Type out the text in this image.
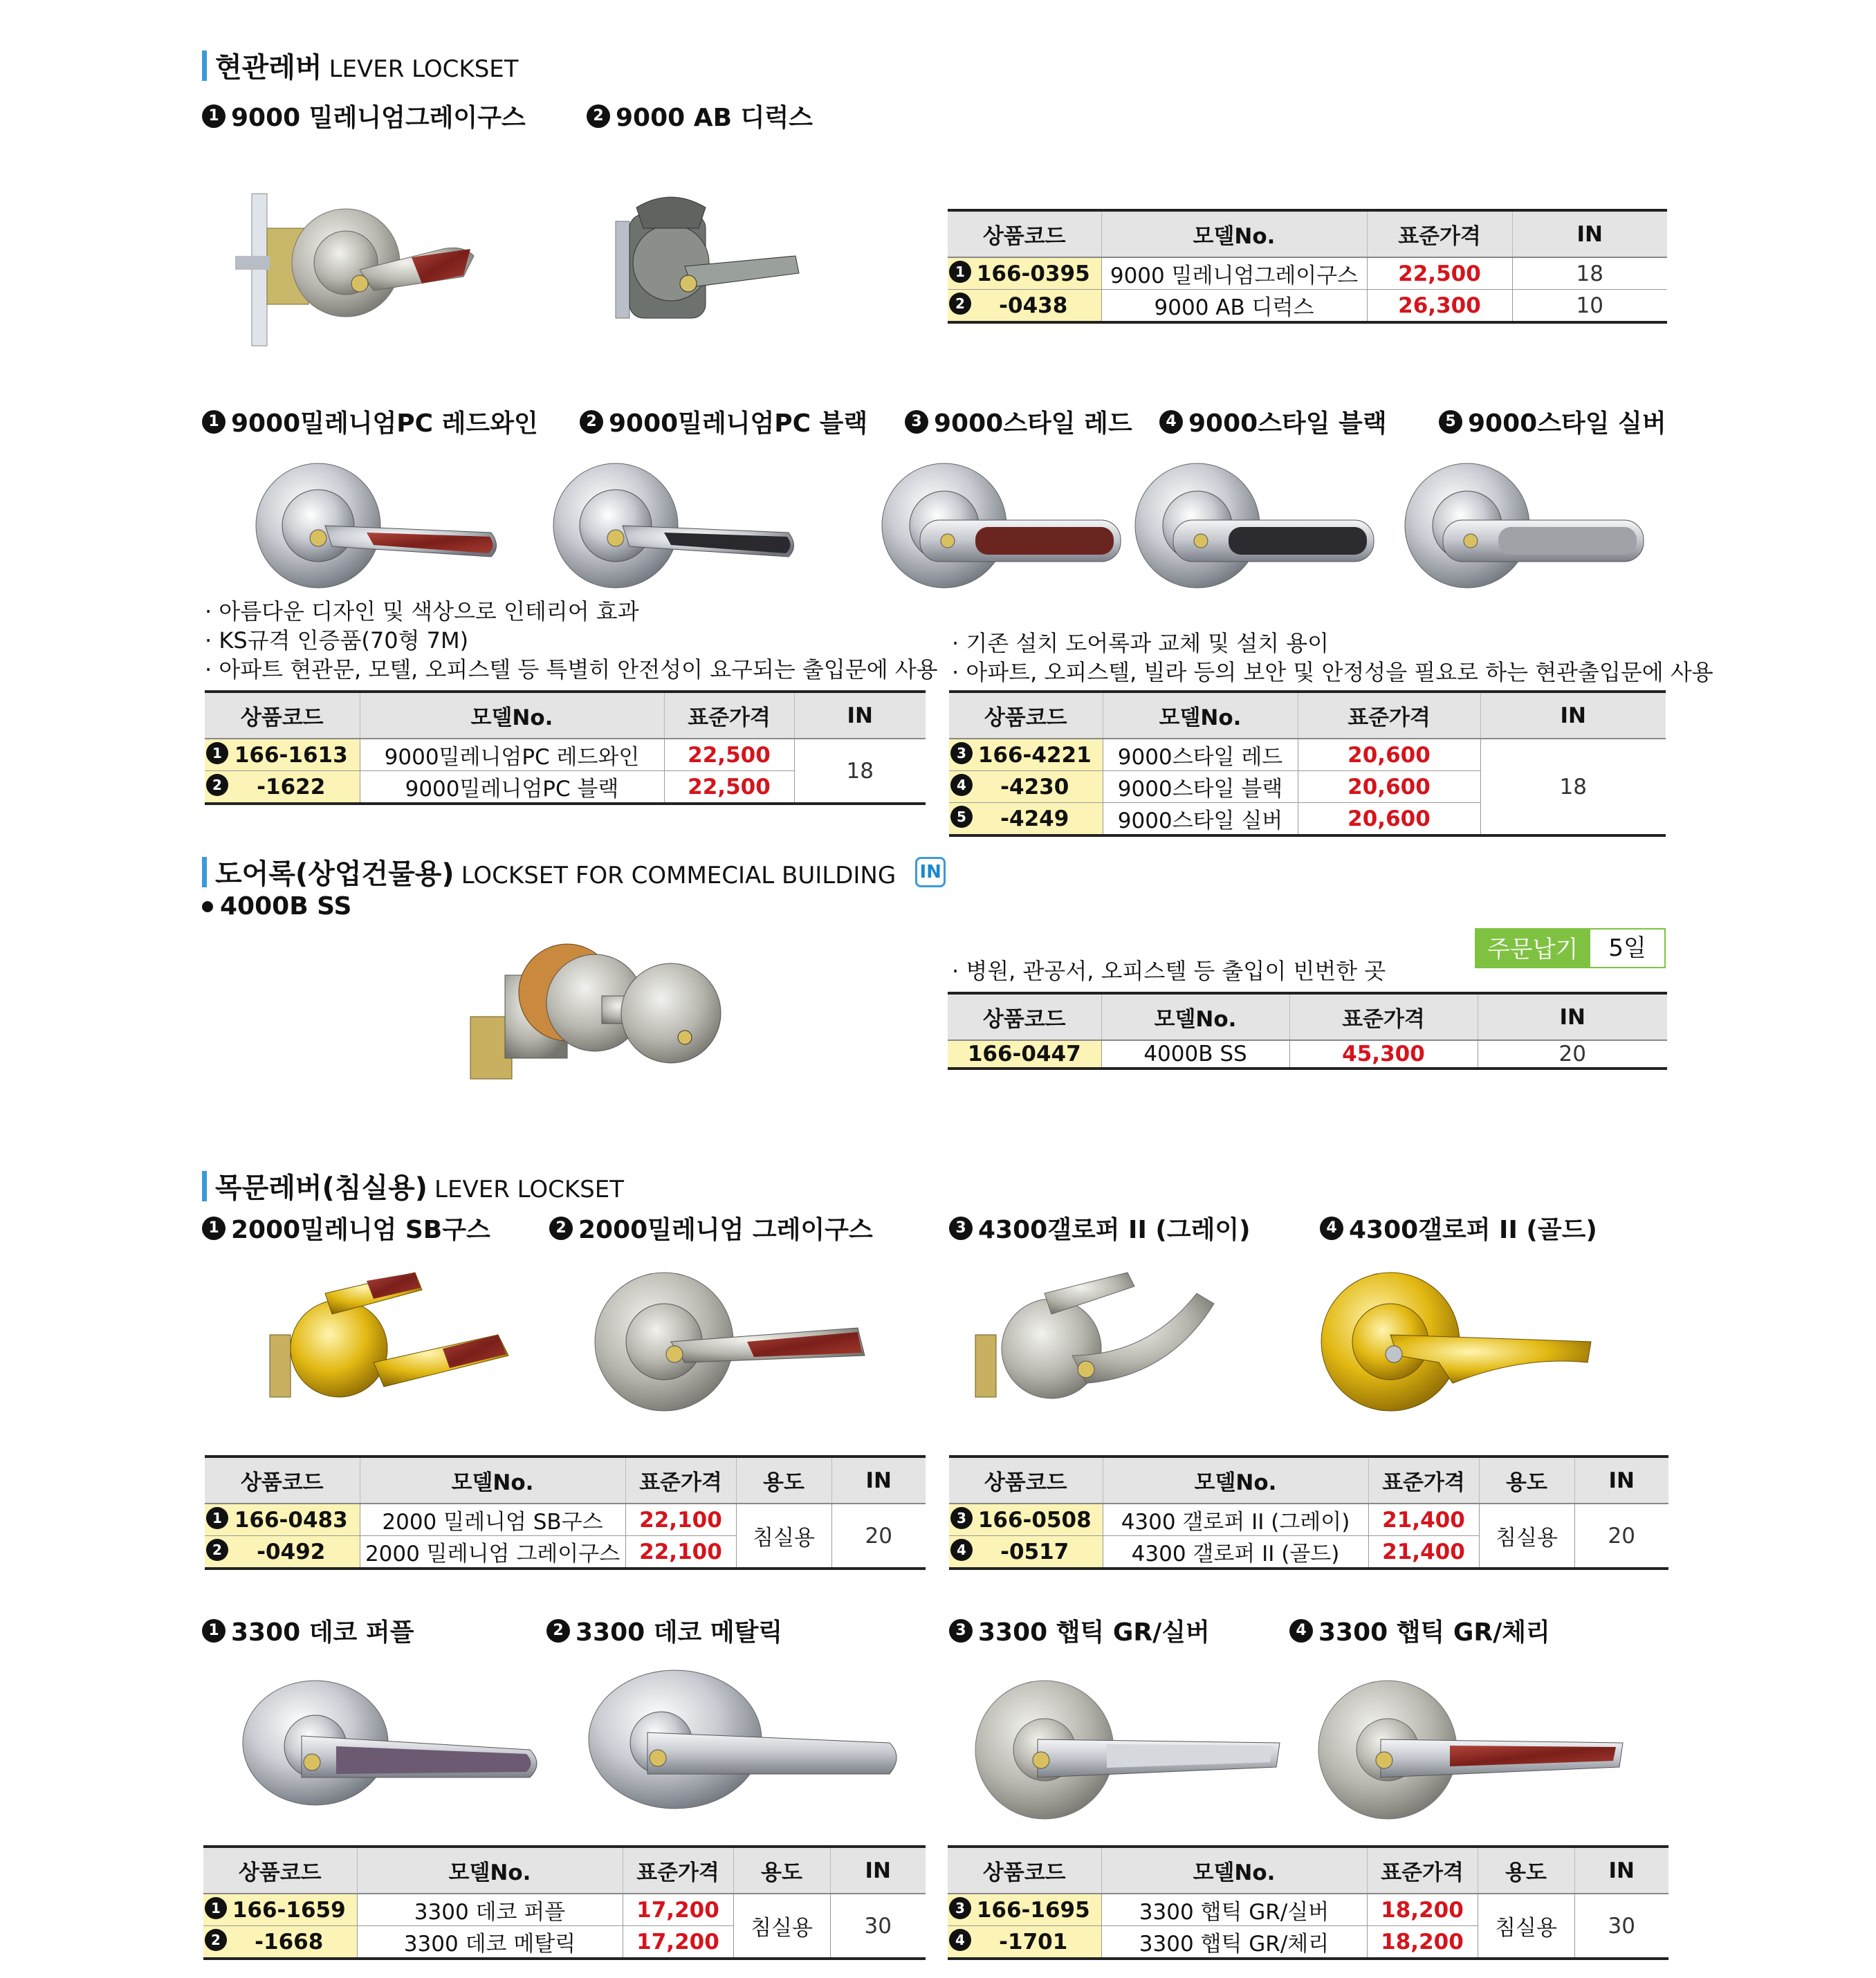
현관레버 LEVER LOCKSET
1 9000 밀레니엄그레이구스	2 9000 AB 디럭스
상품코드	모델No.	표준가격	IN

1 166-0395	9000 밀레니엄그레이구스	22,500	18

2 -0438	9000 AB 디럭스	26,300	10
1 9000밀레니엄PC 레드와인	2 9000밀레니엄PC 블랙	3 9000스타일 레드	4 9000스타일 블랙	5 9000스타일 실버
· 아름다운 디자인 및 색상으로 인테리어 효과
· KS규격 인증품(70형 7M)
· 아파트 현관문, 모텔, 오피스텔 등 특별히 안전성이 요구되는 출입문에 사용
· 기존 설치 도어록과 교체 및 설치 용이
· 아파트, 오피스텔, 빌라 등의 보안 및 안정성을 필요로 하는 현관출입문에 사용
상품코드	모델No.	표준가격	IN

1 166-1613	9000밀레니엄PC 레드와인	22,500	18

2 -1622	9000밀레니엄PC 블랙	22,500	
상품코드	모델No.	표준가격	IN

3 166-4221	9000스타일 레드	20,600	18

4 -4230	9000스타일 블랙	20,600	

5 -4249	9000스타일 실버	20,600	
도어록(상업건물용) LOCKSET FOR COMMECIAL BUILDING IN
4000B SS
주문납기	5일
· 병원, 관공서, 오피스텔 등 출입이 빈번한 곳
상품코드	모델No.	표준가격	IN

166-0447	4000B SS	45,300	20
목문레버(침실용) LEVER LOCKSET
1 2000밀레니엄 SB구스	2 2000밀레니엄 그레이구스	3 4300갤로퍼 II (그레이)	4 4300갤로퍼 II (골드)
상품코드	모델No.	표준가격	용도	IN

1 166-0483	2000 밀레니엄 SB구스	22,100	침실용	20

2 -0492	2000 밀레니엄 그레이구스	22,100		
상품코드	모델No.	표준가격	용도	IN

3 166-0508	4300 갤로퍼 II (그레이)	21,400	침실용	20

4 -0517	4300 갤로퍼 II (골드)	21,400		
1 3300 데코 퍼플	2 3300 데코 메탈릭	3 3300 햅틱 GR/실버	4 3300 햅틱 GR/체리
상품코드	모델No.	표준가격	용도	IN

1 166-1659	3300 데코 퍼플	17,200	침실용	30

2 -1668	3300 데코 메탈릭	17,200		
상품코드	모델No.	표준가격	용도	IN

3 166-1695	3300 햅틱 GR/실버	18,200	침실용	30

4 -1701	3300 햅틱 GR/체리	18,200		
